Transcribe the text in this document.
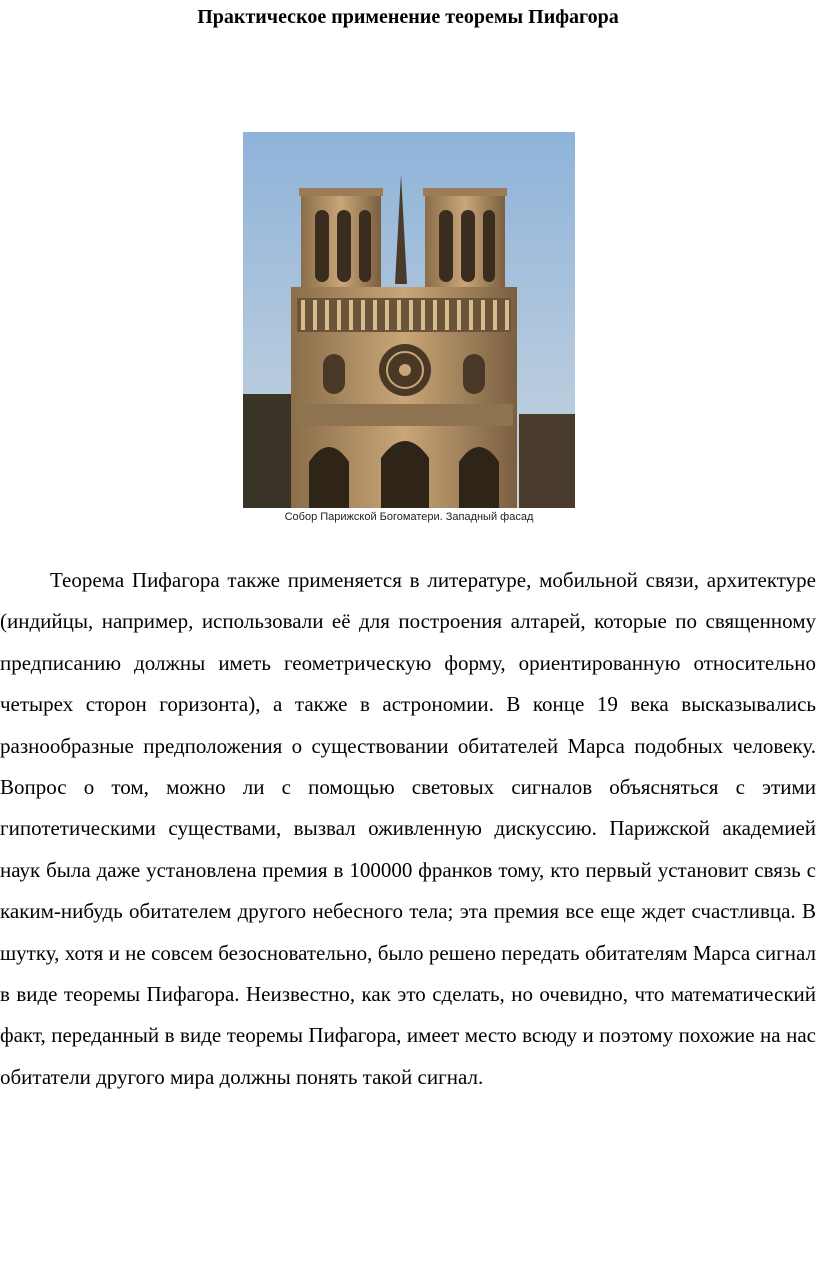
Практическое применение теоремы Пифагора
Собор Парижской Богоматери. Западный фасад

Теорема Пифагора также применяется в литературе, мобильной связи, архитектуре (индийцы, например, использовали её для построения алтарей, которые по священному предписанию должны иметь геометрическую форму, ориентированную относительно четырех сторон горизонта), а также в астрономии. В конце 19 века высказывались разнообразные предположения о существовании обитателей Марса подобных человеку. Вопрос о том, можно ли с помощью световых сигналов объясняться с этими гипотетическими существами, вызвал оживленную дискуссию. Парижской академией наук была даже установлена премия в 100000 франков тому, кто первый установит связь с каким-нибудь обитателем другого небесного тела; эта премия все еще ждет счастливца. В шутку, хотя и не совсем безосновательно, было решено передать обитателям Марса сигнал в виде теоремы Пифагора. Неизвестно, как это сделать, но очевидно, что математический факт, переданный в виде теоремы Пифагора, имеет место всюду и поэтому похожие на нас обитатели другого мира должны понять такой сигнал.
